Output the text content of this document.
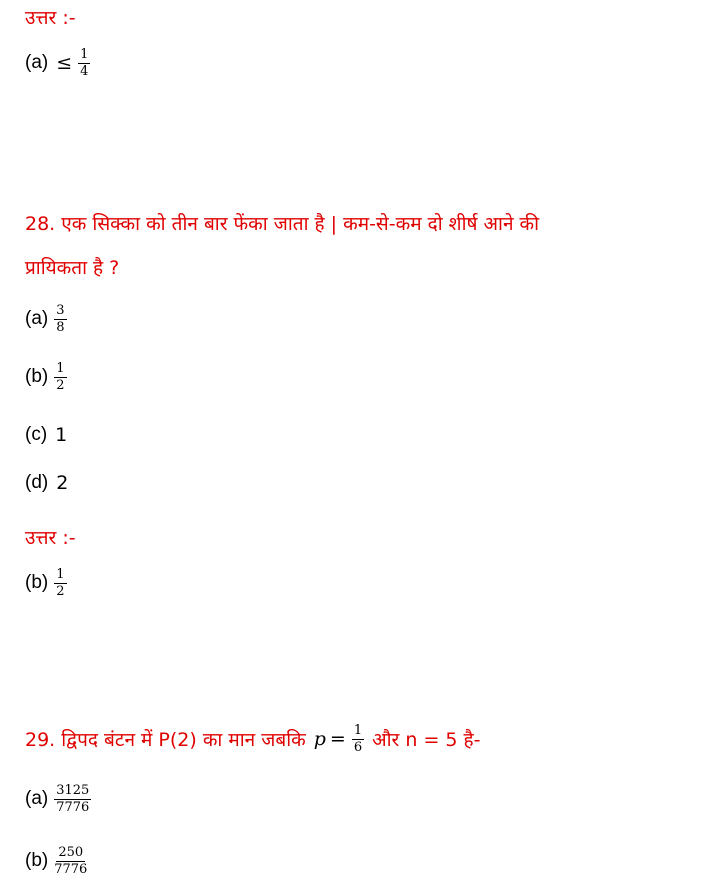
उत्तर :-
$(a) \le \frac{1}{4}$
28. एक सिक्का को तीन बार फेंका जाता है | कम-से-कम दो शीर्ष आने की
प्रायिकता है ?
$(a) \frac{3}{8}$
$(b) \frac{1}{2}$
(c) 1
(d) 2
उत्तर :-
$(b) \frac{1}{2}$
29. द्विपद बंटन में P(2) का मान जबकि $p = \frac{1}{6}$ और n = 5 है-
$(a) \frac{3125}{7776}$
$(b) \frac{250}{7776}$
